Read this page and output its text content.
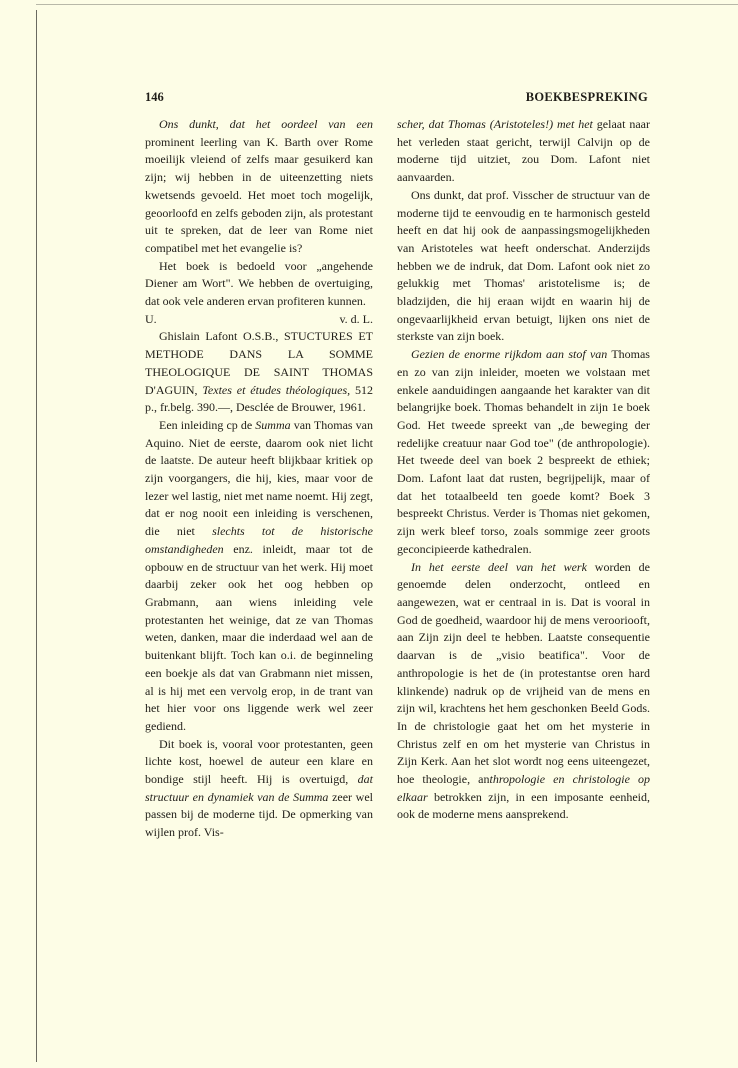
146	BOEKBESPREKING

Ons dunkt, dat het oordeel van een prominent leerling van K. Barth over Rome moeilijk vleiend of zelfs maar gesuikerd kan zijn; wij hebben in de uiteenzetting niets kwetsends gevoeld. Het moet toch mogelijk, geoorloofd en zelfs geboden zijn, als protestant uit te spreken, dat de leer van Rome niet compatibel met het evangelie is?

Het boek is bedoeld voor „angehende Diener am Wort". We hebben de overtuiging, dat ook vele anderen ervan profiteren kunnen.

U.	v. d. L.

Ghislain Lafont O.S.B., STUCTURES ET METHODE DANS LA SOMME THEOLOGIQUE DE SAINT THOMAS D'AGUIN, Textes et études théologiques, 512 p., fr.belg. 390.—, Desclée de Brouwer, 1961.

Een inleiding cp de Summa van Thomas van Aquino. Niet de eerste, daarom ook niet licht de laatste. De auteur heeft blijkbaar kritiek op zijn voorgangers, die hij, kies, maar voor de lezer wel lastig, niet met name noemt. Hij zegt, dat er nog nooit een inleiding is verschenen, die niet slechts tot de historische omstandigheden enz. inleidt, maar tot de opbouw en de structuur van het werk. Hij moet daarbij zeker ook het oog hebben op Grabmann, aan wiens inleiding vele protestanten het weinige, dat ze van Thomas weten, danken, maar die inderdaad wel aan de buitenkant blijft. Toch kan o.i. de beginneling een boekje als dat van Grabmann niet missen, al is hij met een vervolg erop, in de trant van het hier voor ons liggende werk wel zeer gediend.

Dit boek is, vooral voor protestanten, geen lichte kost, hoewel de auteur een klare en bondige stijl heeft. Hij is overtuigd, dat structuur en dynamiek van de Summa zeer wel passen bij de moderne tijd. De opmerking van wijlen prof. Vis-

scher, dat Thomas (Aristoteles!) met het gelaat naar het verleden staat gericht, terwijl Calvijn op de moderne tijd uitziet, zou Dom. Lafont niet aanvaarden.

Ons dunkt, dat prof. Visscher de structuur van de moderne tijd te eenvoudig en te harmonisch gesteld heeft en dat hij ook de aanpassingsmogelijkheden van Aristoteles wat heeft onderschat. Anderzijds hebben we de indruk, dat Dom. Lafont ook niet zo gelukkig met Thomas' aristotelisme is; de bladzijden, die hij eraan wijdt en waarin hij de ongevaarlijkheid ervan betuigt, lijken ons niet de sterkste van zijn boek.

Gezien de enorme rijkdom aan stof van Thomas en zo van zijn inleider, moeten we volstaan met enkele aanduidingen aangaande het karakter van dit belangrijke boek. Thomas behandelt in zijn 1e boek God. Het tweede spreekt van „de beweging der redelijke creatuur naar God toe" (de anthropologie). Het tweede deel van boek 2 bespreekt de ethiek; Dom. Lafont laat dat rusten, begrijpelijk, maar of dat het totaalbeeld ten goede komt? Boek 3 bespreekt Christus. Verder is Thomas niet gekomen, zijn werk bleef torso, zoals sommige zeer groots geconcipieerde kathedralen.

In het eerste deel van het werk worden de genoemde delen onderzocht, ontleed en aangewezen, wat er centraal in is. Dat is vooral in God de goedheid, waardoor hij de mens verooriooft, aan Zijn zijn deel te hebben. Laatste consequentie daarvan is de „visio beatifica". Voor de anthropologie is het de (in protestantse oren hard klinkende) nadruk op de vrijheid van de mens en zijn wil, krachtens het hem geschonken Beeld Gods. In de christologie gaat het om het mysterie in Christus zelf en om het mysterie van Christus in Zijn Kerk. Aan het slot wordt nog eens uiteengezet, hoe theologie, anthropologie en christologie op elkaar betrokken zijn, in een imposante eenheid, ook de moderne mens aansprekend.
